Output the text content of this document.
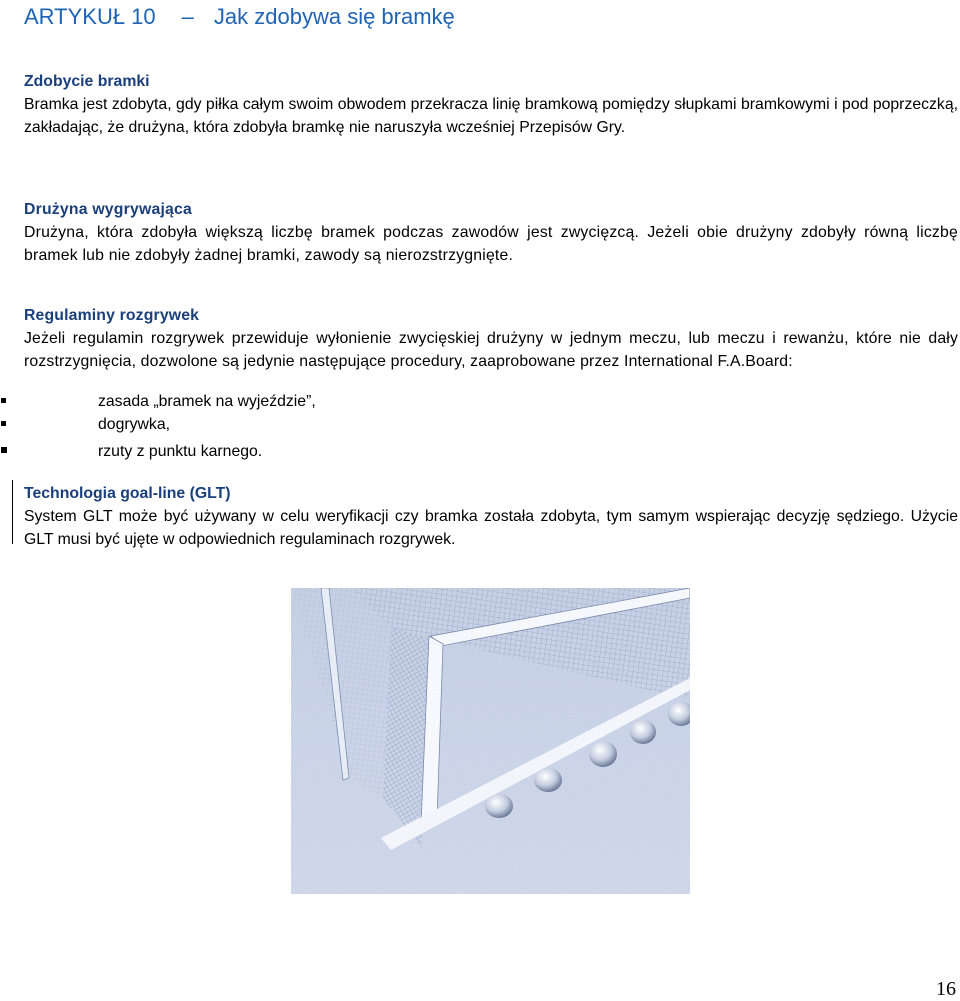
ARTYKUŁ 10 – Jak zdobywa się bramkę
Zdobycie bramki

Bramka jest zdobyta, gdy piłka całym swoim obwodem przekracza linię bramkową pomiędzy słupkami bramkowymi i pod poprzeczką, zakładając, że drużyna, która zdobyła bramkę nie naruszyła wcześniej Przepisów Gry.

Drużyna wygrywająca

Drużyna, która zdobyła większą liczbę bramek podczas zawodów jest zwycięzcą. Jeżeli obie drużyny zdobyły równą liczbę bramek lub nie zdobyły żadnej bramki, zawody są nierozstrzygnięte.

Regulaminy rozgrywek

Jeżeli regulamin rozgrywek przewiduje wyłonienie zwycięskiej drużyny w jednym meczu, lub meczu i rewanżu, które nie dały rozstrzygnięcia, dozwolone są jedynie następujące procedury, zaaprobowane przez International F.A.Board:

zasada „bramek na wyjeździe”,
dogrywka,
rzuty z punktu karnego.
Technologia goal-line (GLT)

System GLT może być używany w celu weryfikacji czy bramka została zdobyta, tym samym wspierając decyzję sędziego. Użycie GLT musi być ujęte w odpowiednich regulaminach rozgrywek.

16
